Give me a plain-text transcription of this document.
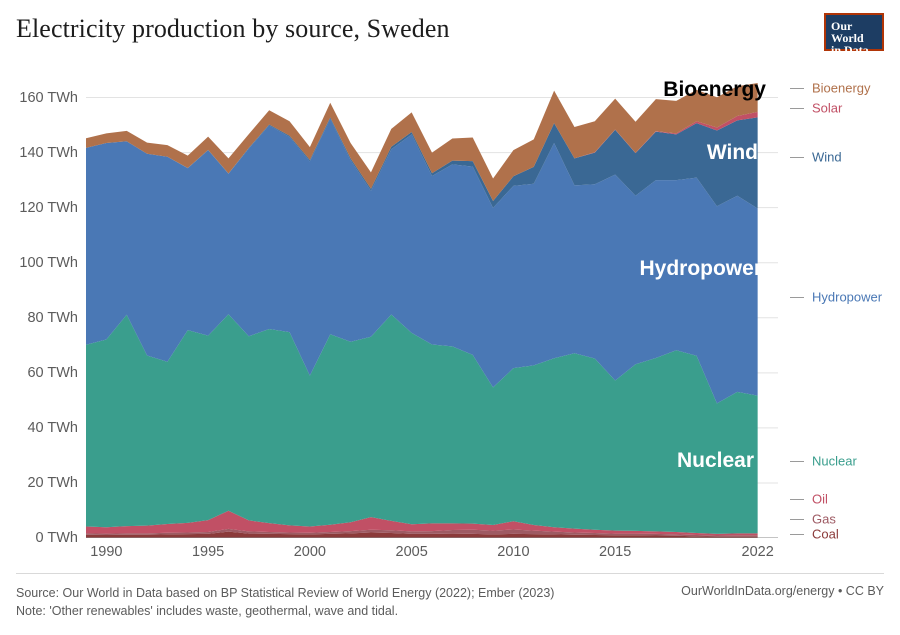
Electricity production by source, Sweden	Our
World
in Data
0 TWh
20 TWh
40 TWh
60 TWh
80 TWh
100 TWh
120 TWh
140 TWh
160 TWh
1990	1995	2000	2005	2010	2015	2022
Bioenergy
Wind
Hydropower
Nuclear
Bioenergy
Solar
Wind
Hydropower
Nuclear
Oil
Gas
Coal
Source: Our World in Data based on BP Statistical Review of World Energy (2022); Ember (2023)
Note: 'Other renewables' includes waste, geothermal, wave and tidal.
OurWorldInData.org/energy • CC BY
